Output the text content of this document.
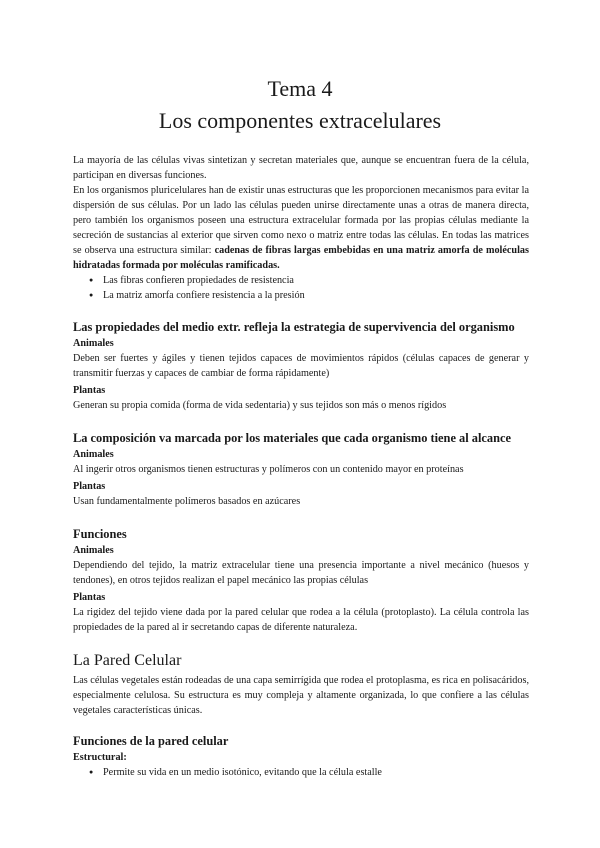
Tema 4

Los componentes extracelulares

La mayoría de las células vivas sintetizan y secretan materiales que, aunque se encuentran fuera de la célula, participan en diversas funciones.

En los organismos pluricelulares han de existir unas estructuras que les proporcionen mecanismos para evitar la dispersión de sus células. Por un lado las células pueden unirse directamente unas a otras de manera directa, pero también los organismos poseen una estructura extracelular formada por las propias células mediante la secreción de sustancias al exterior que sirven como nexo o matriz entre todas las células. En todas las matrices se observa una estructura similar: cadenas de fibras largas embebidas en una matriz amorfa de moléculas hidratadas formada por moléculas ramificadas.

● Las fibras confieren propiedades de resistencia
● La matriz amorfa confiere resistencia a la presión
Las propiedades del medio extr. refleja la estrategia de supervivencia del organismo

Animales

Deben ser fuertes y ágiles y tienen tejidos capaces de movimientos rápidos (células capaces de generar y transmitir fuerzas y capaces de cambiar de forma rápidamente)

Plantas

Generan su propia comida (forma de vida sedentaria) y sus tejidos son más o menos rígidos

La composición va marcada por los materiales que cada organismo tiene al alcance

Animales

Al ingerir otros organismos tienen estructuras y polímeros con un contenido mayor en proteínas

Plantas

Usan fundamentalmente polímeros basados en azúcares

Funciones

Animales

Dependiendo del tejido, la matriz extracelular tiene una presencia importante a nivel mecánico (huesos y tendones), en otros tejidos realizan el papel mecánico las propias células

Plantas

La rigidez del tejido viene dada por la pared celular que rodea a la célula (protoplasto). La célula controla las propiedades de la pared al ir secretando capas de diferente naturaleza.

La Pared Celular

Las células vegetales están rodeadas de una capa semirrígida que rodea el protoplasma, es rica en polisacáridos, especialmente celulosa. Su estructura es muy compleja y altamente organizada, lo que confiere a las células vegetales características únicas.

Funciones de la pared celular

Estructural:

● Permite su vida en un medio isotónico, evitando que la célula estalle
